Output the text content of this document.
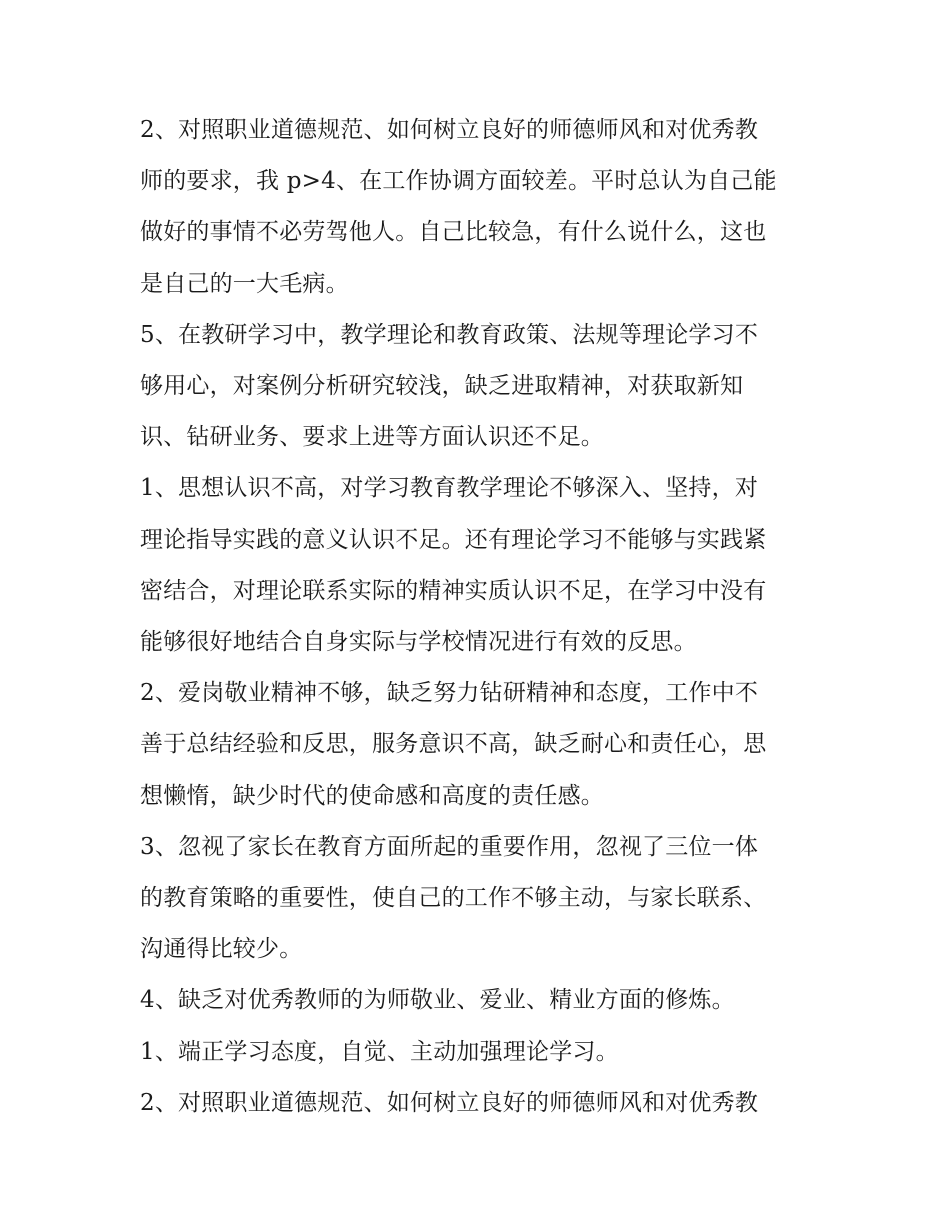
2、对照职业道德规范、如何树立良好的师德师风和对优秀教
师的要求，我 p>4、在工作协调方面较差。平时总认为自己能
做好的事情不必劳驾他人。自己比较急，有什么说什么，这也
是自己的一大毛病。

5、在教研学习中，教学理论和教育政策、法规等理论学习不
够用心，对案例分析研究较浅，缺乏进取精神，对获取新知
识、钻研业务、要求上进等方面认识还不足。

1、思想认识不高，对学习教育教学理论不够深入、坚持，对
理论指导实践的意义认识不足。还有理论学习不能够与实践紧
密结合，对理论联系实际的精神实质认识不足，在学习中没有
能够很好地结合自身实际与学校情况进行有效的反思。

2、爱岗敬业精神不够，缺乏努力钻研精神和态度，工作中不
善于总结经验和反思，服务意识不高，缺乏耐心和责任心，思
想懒惰，缺少时代的使命感和高度的责任感。

3、忽视了家长在教育方面所起的重要作用，忽视了三位一体
的教育策略的重要性，使自己的工作不够主动，与家长联系、
沟通得比较少。

4、缺乏对优秀教师的为师敬业、爱业、精业方面的修炼。

1、端正学习态度，自觉、主动加强理论学习。

2、对照职业道德规范、如何树立良好的师德师风和对优秀教
